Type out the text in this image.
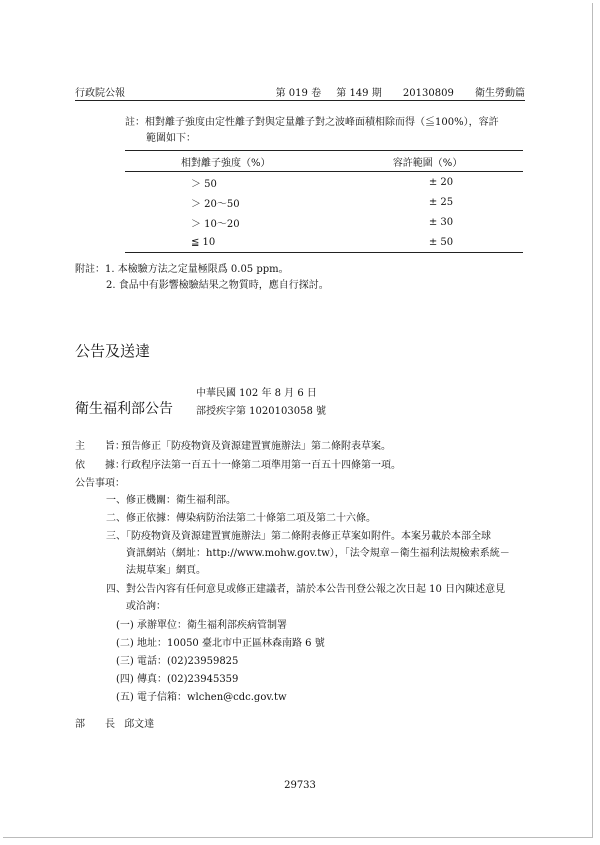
行政院公報	第 019 卷 第 149 期 20130809 衛生勞動篇
註：相對離子強度由定性離子對與定量離子對之波峰面積相除而得（≦100%），容許
範圍如下：
相對離子強度（%）	容許範圍（%）
＞ 50	± 20
＞ 20～50	± 25
＞ 10～20	± 30
≦ 10	± 50
附註：1. 本檢驗方法之定量極限爲 0.05 ppm。
2. 食品中有影響檢驗結果之物質時，應自行探討。
公告及送達
衛生福利部公告
中華民國 102 年 8 月 6 日
部授疾字第 1020103058 號
主　　旨：預告修正「防疫物資及資源建置實施辦法」第二條附表草案。
依　　據：行政程序法第一百五十一條第二項準用第一百五十四條第一項。
公告事項：
一、修正機關：衛生福利部。
二、修正依據：傳染病防治法第二十條第二項及第二十六條。
三、「防疫物資及資源建置實施辦法」第二條附表修正草案如附件。本案另載於本部全球
資訊網站（網址：http://www.mohw.gov.tw），「法令規章－衛生福利法規檢索系統－
法規草案」網頁。
四、對公告內容有任何意見或修正建議者，請於本公告刊登公報之次日起 10 日內陳述意見
或洽詢：
(一) 承辦單位：衛生福利部疾病管制署
(二) 地址：10050 臺北市中正區林森南路 6 號
(三) 電話：(02)23959825
(四) 傳真：(02)23945359
(五) 電子信箱：wlchen@cdc.gov.tw
部　　長 邱文達
29733
